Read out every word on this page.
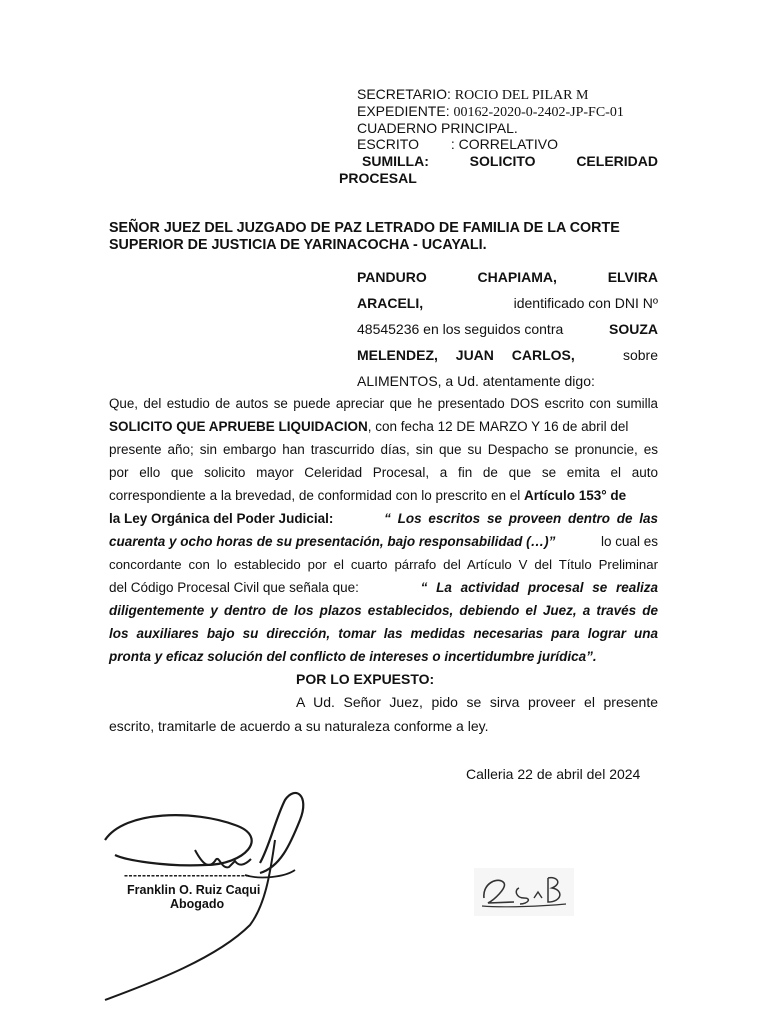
SECRETARIO: ROCIO DEL PILAR M
EXPEDIENTE: 00162-2020-0-2402-JP-FC-01
CUADERNO PRINCIPAL.
ESCRITO : CORRELATIVO
SUMILLA:	SOLICITO	CELERIDAD
PROCESAL
SEÑOR JUEZ DEL JUZGADO DE PAZ LETRADO DE FAMILIA DE LA CORTE
SUPERIOR DE JUSTICIA DE YARINACOCHA - UCAYALI.
PANDURO	CHAPIAMA,	ELVIRA
ARACELI,	identificado con DNI Nº
48545236 en los seguidos contra	SOUZA
MELENDEZ, JUAN CARLOS,	sobre
ALIMENTOS, a Ud. atentamente digo:
Que, del estudio de autos se puede apreciar que he presentado DOS escrito con sumilla
SOLICITO QUE APRUEBE LIQUIDACION, con fecha 12 DE MARZO Y 16 de abril del
presente año; sin embargo han trascurrido días, sin que su Despacho se pronuncie, es
por ello que solicito mayor Celeridad Procesal, a fin de que se emita el auto
correspondiente a la brevedad, de conformidad con lo prescrito en el Artículo 153° de
la Ley Orgánica del Poder Judicial:	“ Los escritos se proveen dentro de las
cuarenta y ocho horas de su presentación, bajo responsabilidad (…)”	lo cual es
concordante con lo establecido por el cuarto párrafo del Artículo V del Título Preliminar
del Código Procesal Civil que señala que:	“ La actividad procesal se realiza
diligentemente y dentro de los plazos establecidos, debiendo el Juez, a través de
los auxiliares bajo su dirección, tomar las medidas necesarias para lograr una
pronta y eficaz solución del conflicto de intereses o incertidumbre jurídica”.
POR LO EXPUESTO:
A Ud. Señor Juez, pido se sirva proveer el presente
escrito, tramitarle de acuerdo a su naturaleza conforme a ley.
Calleria 22 de abril del 2024
----------------------------
Franklin O. Ruiz Caqui
Abogado
